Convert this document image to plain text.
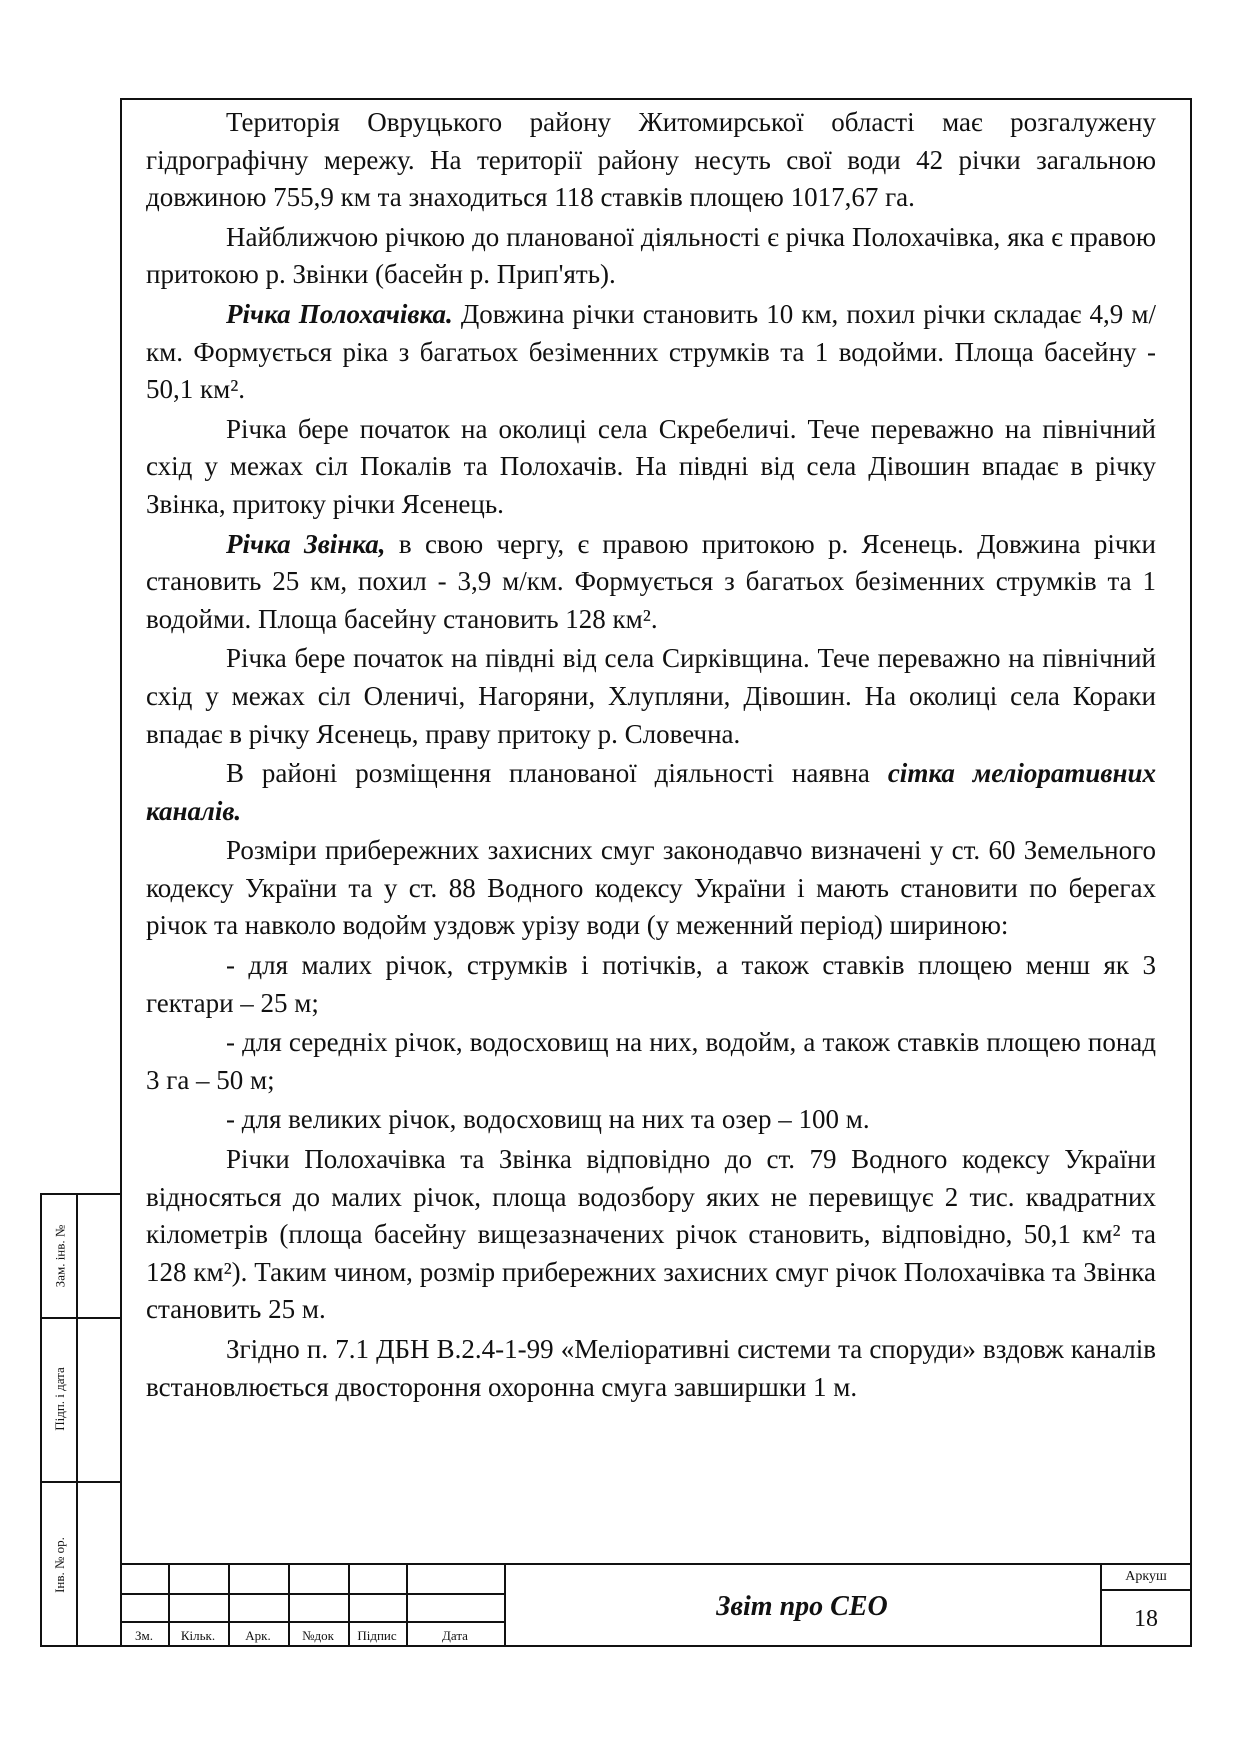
Територія Овруцького району Житомирської області має розгалужену гідрографічну мережу. На території району несуть свої води 42 річки загальною довжиною 755,9 км та знаходиться 118 ставків площею 1017,67 га.

Найближчою річкою до планованої діяльності є річка Полохачівка, яка є правою притокою р. Звінки (басейн р. Прип'ять).

Річка Полохачівка. Довжина річки становить 10 км, похил річки складає 4,9 м/км. Формується ріка з багатьох безіменних струмків та 1 водойми. Площа басейну - 50,1 км².

Річка бере початок на околиці села Скребеличі. Тече переважно на північний схід у межах сіл Покалів та Полохачів. На півдні від села Дівошин впадає в річку Звінка, притоку річки Ясенець.

Річка Звінка, в свою чергу, є правою притокою р. Ясенець. Довжина річки становить 25 км, похил - 3,9 м/км. Формується з багатьох безіменних струмків та 1 водойми. Площа басейну становить 128 км².

Річка бере початок на півдні від села Сирківщина. Тече переважно на північний схід у межах сіл Оленичі, Нагоряни, Хлупляни, Дівошин. На околиці села Кораки впадає в річку Ясенець, праву притоку р. Словечна.

В районі розміщення планованої діяльності наявна сітка меліоративних каналів.

Розміри прибережних захисних смуг законодавчо визначені у ст. 60 Земельного кодексу України та у ст. 88 Водного кодексу України і мають становити по берегах річок та навколо водойм уздовж урізу води (у меженний період) шириною:

- для малих річок, струмків і потічків, а також ставків площею менш як 3 гектари – 25 м;

- для середніх річок, водосховищ на них, водойм, а також ставків площею понад 3 га – 50 м;

- для великих річок, водосховищ на них та озер – 100 м.

Річки Полохачівка та Звінка відповідно до ст. 79 Водного кодексу України відносяться до малих річок, площа водозбору яких не перевищує 2 тис. квадратних кілометрів (площа басейну вищезазначених річок становить, відповідно, 50,1 км² та 128 км²). Таким чином, розмір прибережних захисних смуг річок Полохачівка та Звінка становить 25 м.

Згідно п. 7.1 ДБН В.2.4-1-99 «Меліоративні системи та споруди» вздовж каналів встановлюється двостороння охоронна смуга завширшки 1 м.

Зам. інв. №
Підп. і дата
Інв. № ор.
Зм.	Кільк.	Арк.	№док	Підпис	Дата
Звіт про СЕО
Аркуш
18
